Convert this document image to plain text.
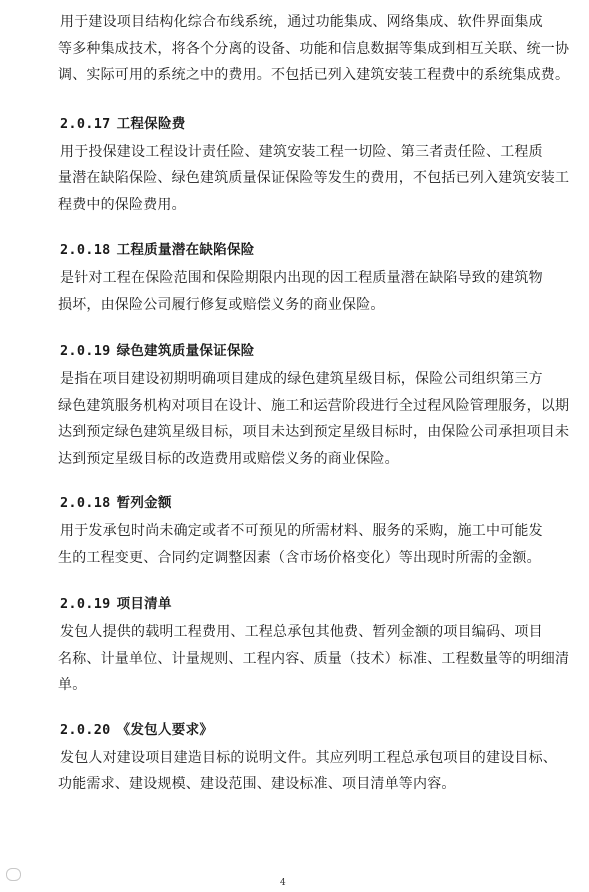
用于建设项目结构化综合布线系统，通过功能集成、网络集成、软件界面集成
等多种集成技术，将各个分离的设备、功能和信息数据等集成到相互关联、统一协
调、实际可用的系统之中的费用。不包括已列入建筑安装工程费中的系统集成费。

2.0.17 工程保险费

用于投保建设工程设计责任险、建筑安装工程一切险、第三者责任险、工程质
量潜在缺陷保险、绿色建筑质量保证保险等发生的费用，不包括已列入建筑安装工
程费中的保险费用。

2.0.18 工程质量潜在缺陷保险

是针对工程在保险范围和保险期限内出现的因工程质量潜在缺陷导致的建筑物
损坏，由保险公司履行修复或赔偿义务的商业保险。

2.0.19 绿色建筑质量保证保险

是指在项目建设初期明确项目建成的绿色建筑星级目标，保险公司组织第三方
绿色建筑服务机构对项目在设计、施工和运营阶段进行全过程风险管理服务，以期
达到预定绿色建筑星级目标，项目未达到预定星级目标时，由保险公司承担项目未
达到预定星级目标的改造费用或赔偿义务的商业保险。

2.0.18 暂列金额

用于发承包时尚未确定或者不可预见的所需材料、服务的采购，施工中可能发
生的工程变更、合同约定调整因素（含市场价格变化）等出现时所需的金额。

2.0.19 项目清单

发包人提供的载明工程费用、工程总承包其他费、暂列金额的项目编码、项目
名称、计量单位、计量规则、工程内容、质量（技术）标准、工程数量等的明细清
单。

2.0.20 《发包人要求》

发包人对建设项目建造目标的说明文件。其应列明工程总承包项目的建设目标、
功能需求、建设规模、建设范围、建设标准、项目清单等内容。

4
